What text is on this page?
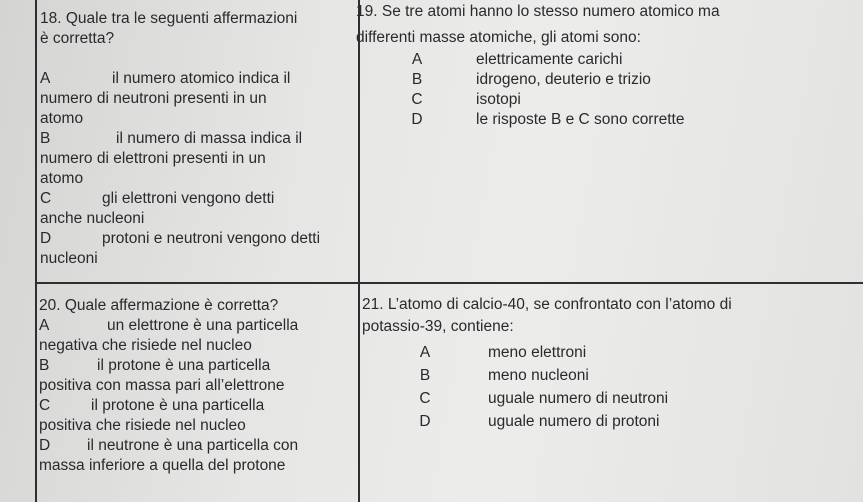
18. Quale tra le seguenti affermazioni

è corretta?

A	il numero atomico indica il
numero di neutroni presenti in un
atomo
B	il numero di massa indica il
numero di elettroni presenti in un
atomo
C	gli elettroni vengono detti
anche nucleoni
D	protoni e neutroni vengono detti
nucleoni

19. Se tre atomi hanno lo stesso numero atomico ma

differenti masse atomiche, gli atomi sono:

A	elettricamente carichi
B	idrogeno, deuterio e trizio
C	isotopi
D	le risposte B e C sono corrette

20. Quale affermazione è corretta?

A	un elettrone è una particella
negativa che risiede nel nucleo
B	il protone è una particella
positiva con massa pari all’elettrone
C	il protone è una particella
positiva che risiede nel nucleo
D il neutrone è una particella con
massa inferiore a quella del protone

21. L’atomo di calcio-40, se confrontato con l’atomo di

potassio-39, contiene:

A	meno elettroni
B	meno nucleoni
C	uguale numero di neutroni
D	uguale numero di protoni
